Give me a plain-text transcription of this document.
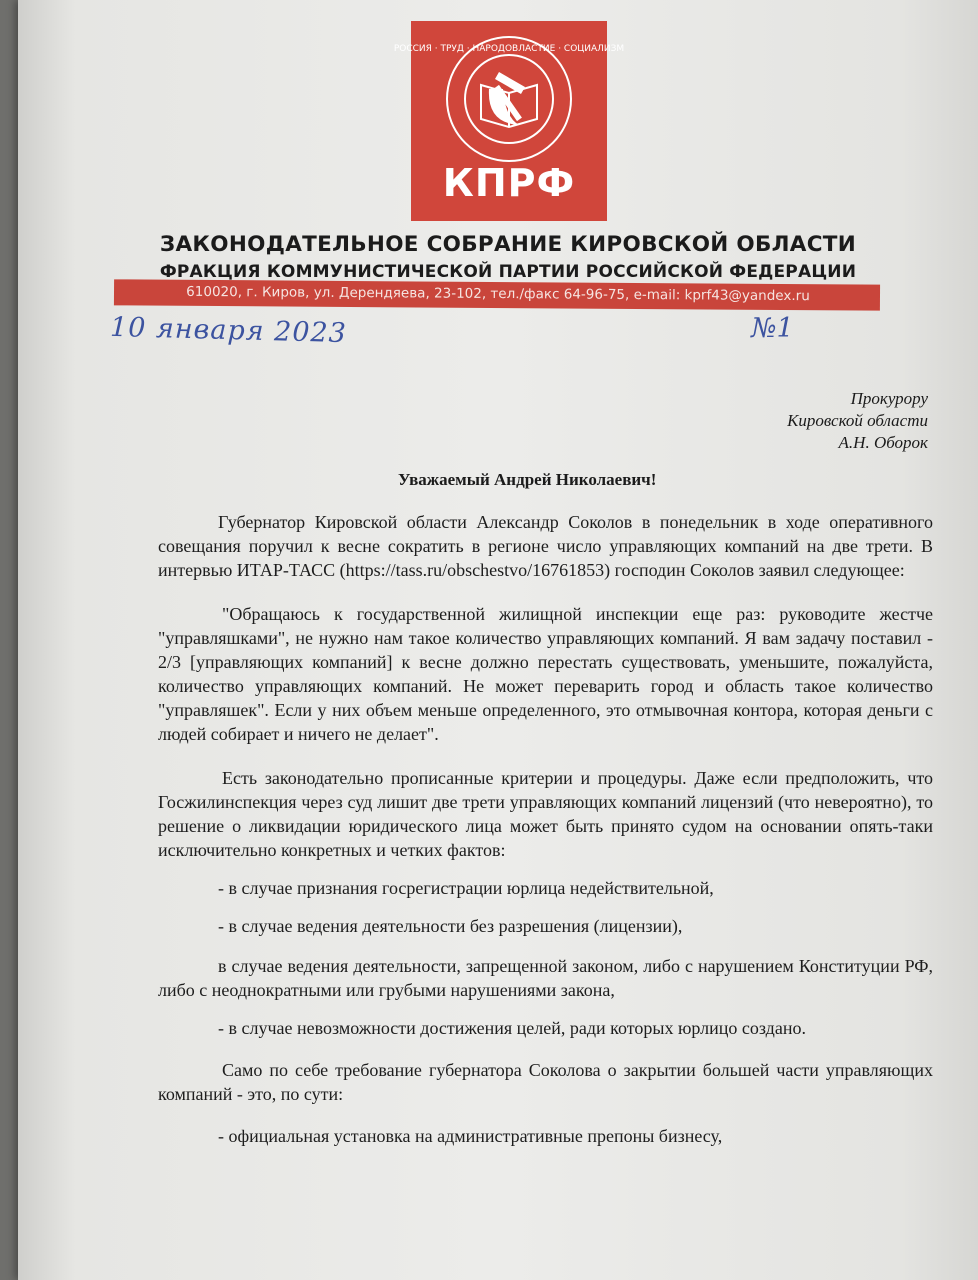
РОССИЯ · ТРУД · НАРОДОВЛАСТИЕ · СОЦИАЛИЗМ
КПРФ
ЗАКОНОДАТЕЛЬНОЕ СОБРАНИЕ КИРОВСКОЙ ОБЛАСТИ
ФРАКЦИЯ КОММУНИСТИЧЕСКОЙ ПАРТИИ РОССИЙСКОЙ ФЕДЕРАЦИИ
610020, г. Киров, ул. Дерендяева, 23-102, тел./факс 64-96-75, e-mail: kprf43@yandex.ru
10 января 2023	№1
Прокурору
Кировской области
А.Н. Оборок
Уважаемый Андрей Николаевич!

Губернатор Кировской области Александр Соколов в понедельник в ходе оперативного совещания поручил к весне сократить в регионе число управляющих компаний на две трети. В интервью ИТАР-ТАСС (https://tass.ru/obschestvo/16761853) господин Соколов заявил следующее:

"Обращаюсь к государственной жилищной инспекции еще раз: руководите жестче "управляшками", не нужно нам такое количество управляющих компаний. Я вам задачу поставил - 2/3 [управляющих компаний] к весне должно перестать существовать, уменьшите, пожалуйста, количество управляющих компаний. Не может переварить город и область такое количество "управляшек". Если у них объем меньше определенного, это отмывочная контора, которая деньги с людей собирает и ничего не делает".

Есть законодательно прописанные критерии и процедуры. Даже если предположить, что Госжилинспекция через суд лишит две трети управляющих компаний лицензий (что невероятно), то решение о ликвидации юридического лица может быть принято судом на основании опять-таки исключительно конкретных и четких фактов:

- в случае признания госрегистрации юрлица недействительной,

- в случае ведения деятельности без разрешения (лицензии),

в случае ведения деятельности, запрещенной законом, либо с нарушением Конституции РФ, либо с неоднократными или грубыми нарушениями закона,

- в случае невозможности достижения целей, ради которых юрлицо создано.

Само по себе требование губернатора Соколова о закрытии большей части управляющих компаний - это, по сути:

- официальная установка на административные препоны бизнесу,
